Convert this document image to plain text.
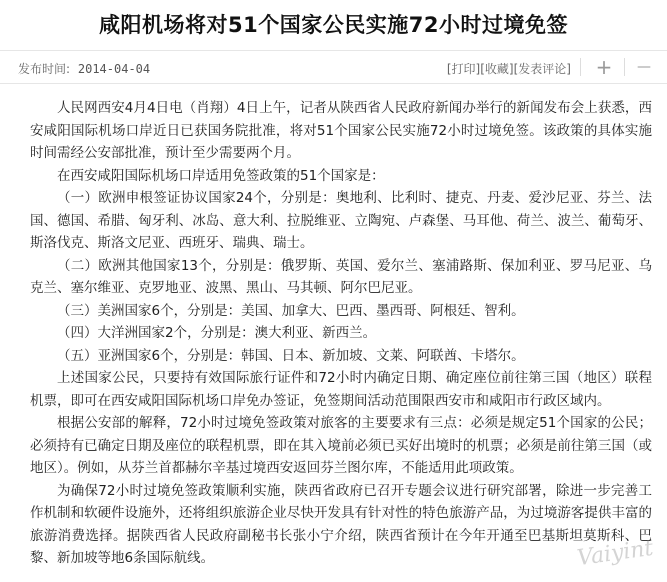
咸阳机场将对51个国家公民实施72小时过境免签
发布时间: 2014-04-04	[打印][收藏][发表评论] + —

人民网西安4月4日电（肖翔）4日上午，记者从陕西省人民政府新闻办举行的新闻发布会上获悉，西安咸阳国际机场口岸近日已获国务院批准，将对51个国家公民实施72小时过境免签。该政策的具体实施时间需经公安部批准，预计至少需要两个月。

在西安咸阳国际机场口岸适用免签政策的51个国家是：

（一）欧洲申根签证协议国家24个，分别是：奥地利、比利时、捷克、丹麦、爱沙尼亚、芬兰、法国、德国、希腊、匈牙利、冰岛、意大利、拉脱维亚、立陶宛、卢森堡、马耳他、荷兰、波兰、葡萄牙、斯洛伐克、斯洛文尼亚、西班牙、瑞典、瑞士。

（二）欧洲其他国家13个，分别是：俄罗斯、英国、爱尔兰、塞浦路斯、保加利亚、罗马尼亚、乌克兰、塞尔维亚、克罗地亚、波黑、黑山、马其顿、阿尔巴尼亚。

（三）美洲国家6个，分别是：美国、加拿大、巴西、墨西哥、阿根廷、智利。

（四）大洋洲国家2个，分别是：澳大利亚、新西兰。

（五）亚洲国家6个，分别是：韩国、日本、新加坡、文莱、阿联酋、卡塔尔。

上述国家公民，只要持有效国际旅行证件和72小时内确定日期、确定座位前往第三国（地区）联程机票，即可在西安咸阳国际机场口岸免办签证，免签期间活动范围限西安市和咸阳市行政区域内。

根据公安部的解释，72小时过境免签政策对旅客的主要要求有三点：必须是规定51个国家的公民；必须持有已确定日期及座位的联程机票，即在其入境前必须已买好出境时的机票；必须是前往第三国（或地区）。例如，从芬兰首都赫尔辛基过境西安返回芬兰图尔库，不能适用此项政策。

为确保72小时过境免签政策顺利实施，陕西省政府已召开专题会议进行研究部署，除进一步完善工作机制和软硬件设施外，还将组织旅游企业尽快开发具有针对性的特色旅游产品，为过境游客提供丰富的旅游消费选择。据陕西省人民政府副秘书长张小宁介绍，陕西省预计在今年开通至巴基斯坦莫斯科、巴黎、新加坡等地6条国际航线。	Vaiyint
